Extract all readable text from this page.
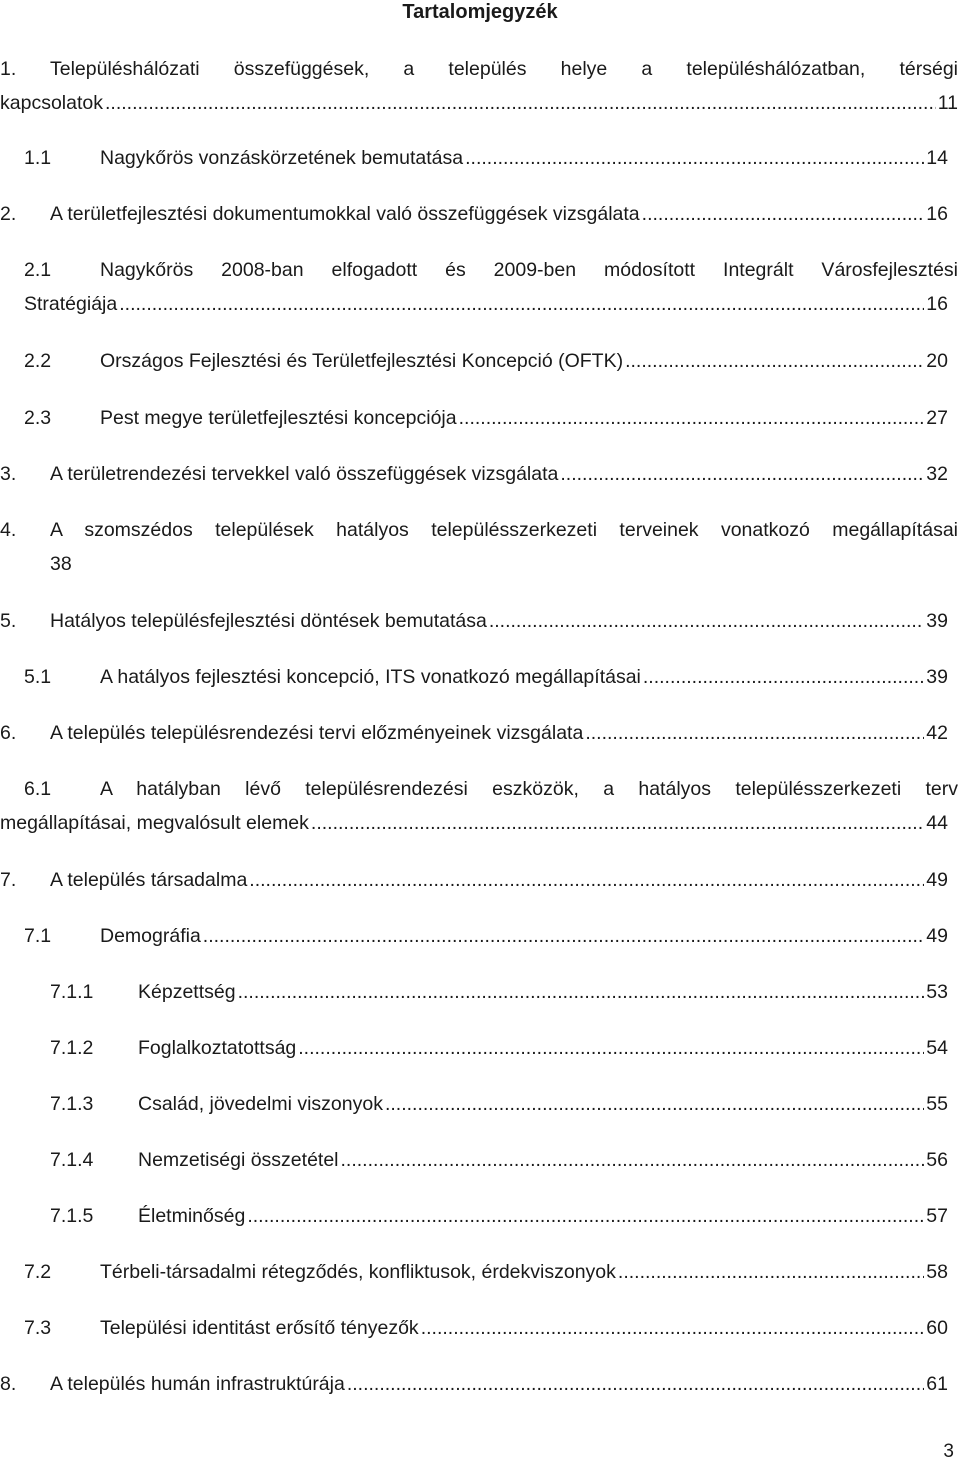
Tartalomjegyzék
1. Településhálózati összefüggések, a település helye a településhálózatban, térségi
kapcsolatok .....	11
1.1	Nagykőrös vonzáskörzetének bemutatása .....	14
2. A területfejlesztési dokumentumokkal való összefüggések vizsgálata .....	16
2.1	Nagykőrös 2008-ban elfogadott és 2009-ben módosított Integrált Városfejlesztési
Stratégiája .....	16
2.2	Országos Fejlesztési és Területfejlesztési Koncepció (OFTK) .....	20
2.3	Pest megye területfejlesztési koncepciója .....	27
3. A területrendezési tervekkel való összefüggések vizsgálata .....	32
4. A szomszédos települések hatályos településszerkezeti terveinek vonatkozó megállapításai
38
5. Hatályos településfejlesztési döntések bemutatása .....	39
5.1	A hatályos fejlesztési koncepció, ITS vonatkozó megállapításai .....	39
6. A település településrendezési tervi előzményeinek vizsgálata .....	42
6.1	A hatályban lévő településrendezési eszközök, a hatályos településszerkezeti terv
megállapításai, megvalósult elemek .....	44
7. A település társadalma .....	49
7.1	Demográfia .....	49
7.1.1 Képzettség .....	53
7.1.2 Foglalkoztatottság .....	54
7.1.3 Család, jövedelmi viszonyok .....	55
7.1.4 Nemzetiségi összetétel .....	56
7.1.5 Életminőség .....	57
7.2	Térbeli-társadalmi rétegződés, konfliktusok, érdekviszonyok .....	58
7.3	Települési identitást erősítő tényezők .....	60
8. A település humán infrastruktúrája .....	61
3
